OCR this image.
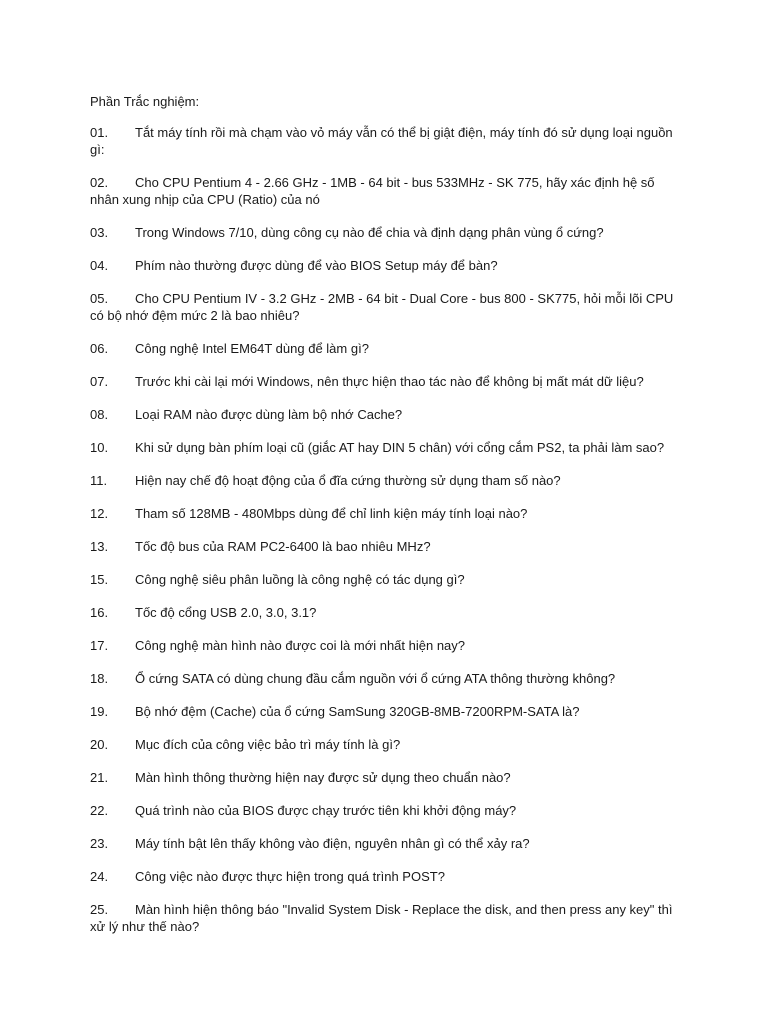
Phần Trắc nghiệm:
01. Tắt máy tính rồi mà chạm vào vỏ máy vẫn có thể bị giật điện, máy tính đó sử dụng loại nguồn gì:
02. Cho CPU Pentium 4 - 2.66 GHz - 1MB - 64 bit - bus 533MHz - SK 775, hãy xác định hệ số nhân xung nhịp của CPU (Ratio) của nó
03. Trong Windows 7/10, dùng công cụ nào để chia và định dạng phân vùng ổ cứng?
04. Phím nào thường được dùng để vào BIOS Setup máy để bàn?
05. Cho CPU Pentium IV - 3.2 GHz - 2MB - 64 bit - Dual Core - bus 800 - SK775, hỏi mỗi lõi CPU có bộ nhớ đệm mức 2 là bao nhiêu?
06. Công nghệ Intel EM64T dùng để làm gì?
07. Trước khi cài lại mới Windows, nên thực hiện thao tác nào để không bị mất mát dữ liệu?
08. Loại RAM nào được dùng làm bộ nhớ Cache?
10. Khi sử dụng bàn phím loại cũ (giắc AT hay DIN 5 chân) với cổng cắm PS2, ta phải làm sao?
11. Hiện nay chế độ hoạt động của ổ đĩa cứng thường sử dụng tham số nào?
12. Tham số 128MB - 480Mbps dùng để chỉ linh kiện máy tính loại nào?
13. Tốc độ bus của RAM PC2-6400 là bao nhiêu MHz?
15. Công nghệ siêu phân luồng là công nghệ có tác dụng gì?
16. Tốc độ cổng USB 2.0, 3.0, 3.1?
17. Công nghệ màn hình nào được coi là mới nhất hiện nay?
18. Ổ cứng SATA có dùng chung đầu cắm nguồn với ổ cứng ATA thông thường không?
19. Bộ nhớ đệm (Cache) của ổ cứng SamSung 320GB-8MB-7200RPM-SATA là?
20. Mục đích của công việc bảo trì máy tính là gì?
21. Màn hình thông thường hiện nay được sử dụng theo chuẩn nào?
22. Quá trình nào của BIOS được chạy trước tiên khi khởi động máy?
23. Máy tính bật lên thấy không vào điện, nguyên nhân gì có thể xảy ra?
24. Công việc nào được thực hiện trong quá trình POST?
25. Màn hình hiện thông báo "Invalid System Disk - Replace the disk, and then press any key" thì xử lý như thế nào?
